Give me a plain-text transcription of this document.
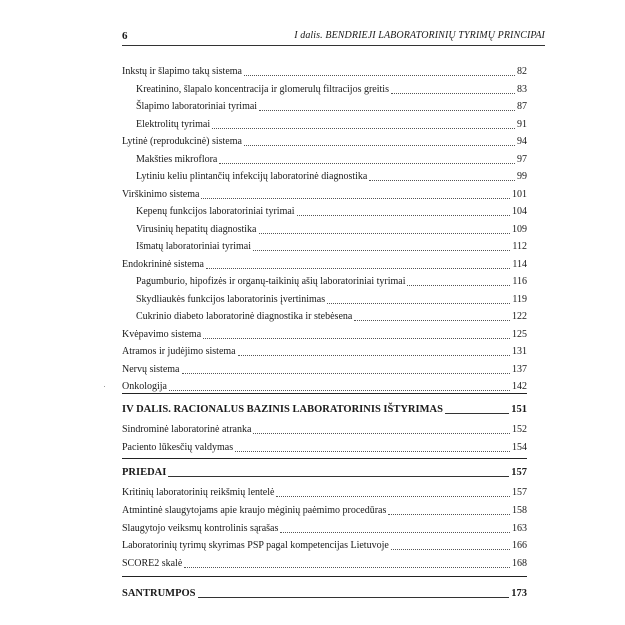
6	I dalis. BENDRIEJI LABORATORINIŲ TYRIMŲ PRINCIPAI
Inkstų ir šlapimo takų sistema	82
Kreatinino, šlapalo koncentracija ir glomerulų filtracijos greitis	83
Šlapimo laboratoriniai tyrimai	87
Elektrolitų tyrimai	91
Lytinė (reprodukcinė) sistema	94
Makšties mikroflora	97
Lytiniu keliu plintančių infekcijų laboratorinė diagnostika	99
Virškinimo sistema	101
Kepenų funkcijos laboratoriniai tyrimai	104
Virusinių hepatitų diagnostika	109
Išmatų laboratoriniai tyrimai	112
Endokrininė sistema	114
Pagumburio, hipofizės ir organų-taikinių ašių laboratoriniai tyrimai	116
Skydliaukės funkcijos laboratorinis įvertinimas	119
Cukrinio diabeto laboratorinė diagnostika ir stebėsena	122
Kvėpavimo sistema	125
Atramos ir judėjimo sistema	131
Nervų sistema	137
Onkologija	142
IV DALIS. RACIONALUS BAZINIS LABORATORINIS IŠTYRIMAS	151
Sindrominė laboratorinė atranka	152
Paciento lūkesčių valdymas	154
PRIEDAI	157
Kritinių laboratorinių reikšmių lentelė	157
Atmintinė slaugytojams apie kraujo mėginių paėmimo procedūras	158
Slaugytojo veiksmų kontrolinis sąrašas	163
Laboratorinių tyrimų skyrimas PSP pagal kompetencijas Lietuvoje	166
SCORE2 skalė	168
SANTRUMPOS	173
